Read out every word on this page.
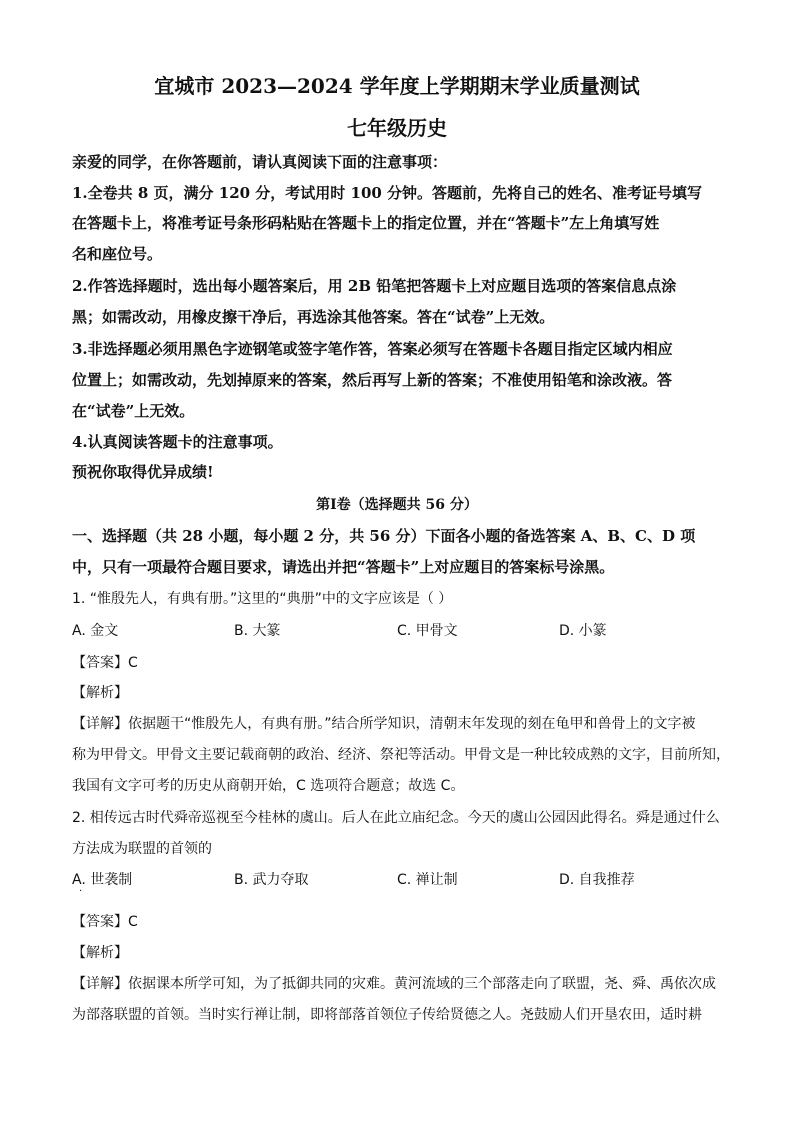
宜城市 2023—2024 学年度上学期期末学业质量测试
七年级历史
亲爱的同学，在你答题前，请认真阅读下面的注意事项：
1.全卷共 8 页，满分 120 分，考试用时 100 分钟。答题前，先将自己的姓名、准考证号填写
在答题卡上，将准考证号条形码粘贴在答题卡上的指定位置，并在“答题卡”左上角填写姓
名和座位号。
2.作答选择题时，选出每小题答案后，用 2B 铅笔把答题卡上对应题目选项的答案信息点涂
黑；如需改动，用橡皮擦干净后，再选涂其他答案。答在“试卷”上无效。
3.非选择题必须用黑色字迹钢笔或签字笔作答，答案必须写在答题卡各题目指定区域内相应
位置上；如需改动，先划掉原来的答案，然后再写上新的答案；不准使用铅笔和涂改液。答
在“试卷”上无效。
4.认真阅读答题卡的注意事项。
预祝你取得优异成绩!
第Ⅰ卷（选择题共 56 分）
一、选择题（共 28 小题，每小题 2 分，共 56 分）下面各小题的备选答案 A、B、C、D 项
中，只有一项最符合题目要求，请选出并把“答题卡”上对应题目的答案标号涂黑。
1. “惟殷先人，有典有册。”这里的“典册”中的文字应该是（ ）
A. 金文	B. 大篆	C. 甲骨文	D. 小篆
【答案】C
【解析】
【详解】依据题干“惟殷先人，有典有册。”结合所学知识，清朝末年发现的刻在龟甲和兽骨上的文字被
称为甲骨文。甲骨文主要记载商朝的政治、经济、祭祀等活动。甲骨文是一种比较成熟的文字，目前所知，
我国有文字可考的历史从商朝开始，C 选项符合题意；故选 C。
2. 相传远古时代舜帝巡视至今桂林的虞山。后人在此立庙纪念。今天的虞山公园因此得名。舜是通过什么
方法成为联盟的首领的
A. 世袭制	B. 武力夺取	C. 禅让制	D. 自我推荐
·
【答案】C
【解析】
【详解】依据课本所学可知，为了抵御共同的灾难。黄河流域的三个部落走向了联盟，尧、舜、禹依次成
为部落联盟的首领。当时实行禅让制，即将部落首领位子传给贤德之人。尧鼓励人们开垦农田，适时耕
